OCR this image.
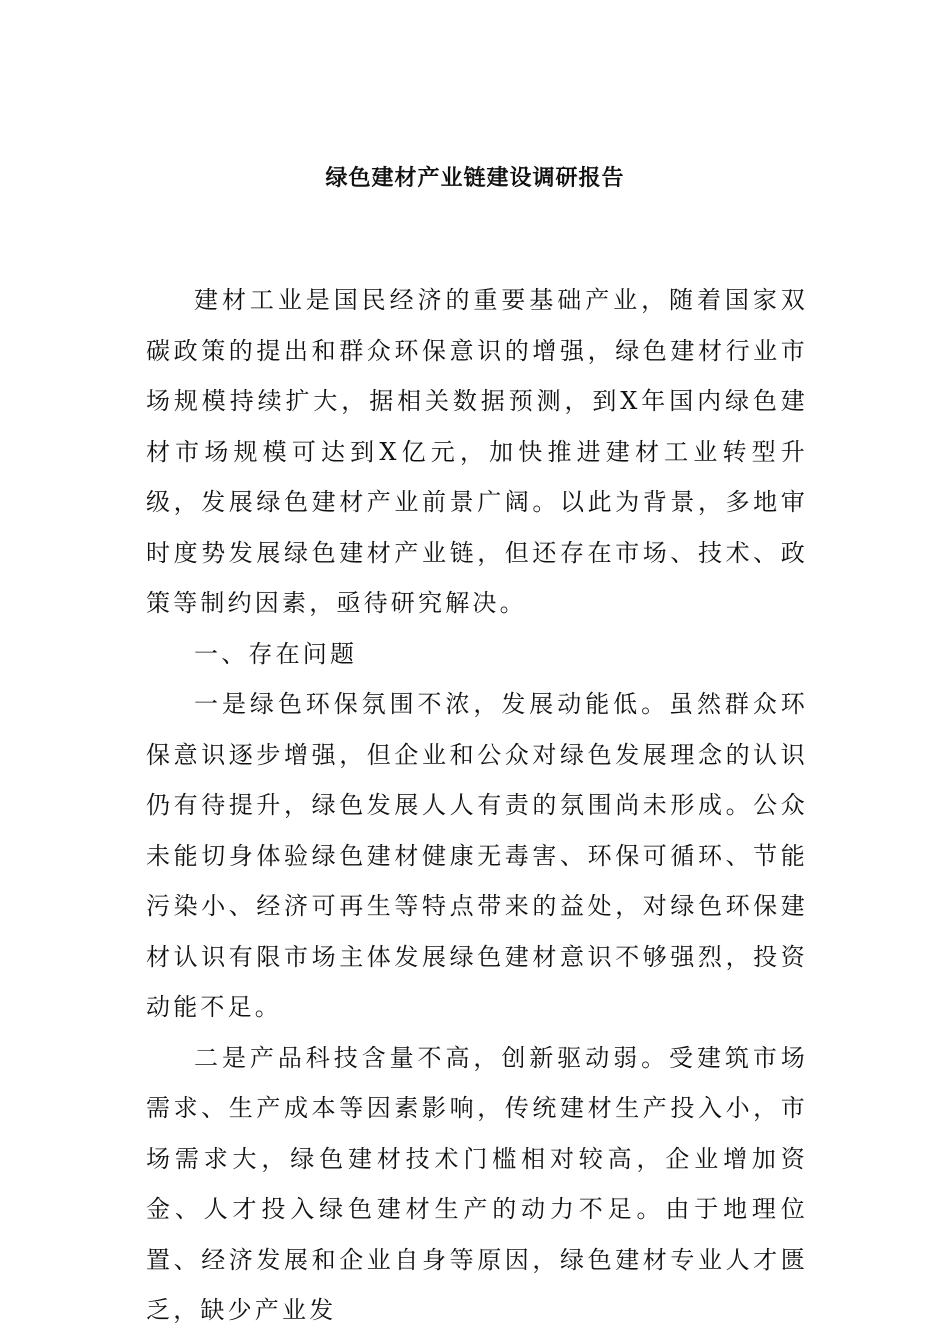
绿色建材产业链建设调研报告

建材工业是国民经济的重要基础产业，随着国家双碳政策的提出和群众环保意识的增强，绿色建材行业市场规模持续扩大，据相关数据预测，到X年国内绿色建材市场规模可达到X亿元，加快推进建材工业转型升级，发展绿色建材产业前景广阔。以此为背景，多地审时度势发展绿色建材产业链，但还存在市场、技术、政策等制约因素，亟待研究解决。

一、存在问题

一是绿色环保氛围不浓，发展动能低。虽然群众环保意识逐步增强，但企业和公众对绿色发展理念的认识仍有待提升，绿色发展人人有责的氛围尚未形成。公众未能切身体验绿色建材健康无毒害、环保可循环、节能污染小、经济可再生等特点带来的益处，对绿色环保建材认识有限市场主体发展绿色建材意识不够强烈，投资动能不足。

二是产品科技含量不高，创新驱动弱。受建筑市场需求、生产成本等因素影响，传统建材生产投入小，市场需求大，绿色建材技术门槛相对较高，企业增加资金、人才投入绿色建材生产的动力不足。由于地理位置、经济发展和企业自身等原因，绿色建材专业人才匮乏，缺少产业发
